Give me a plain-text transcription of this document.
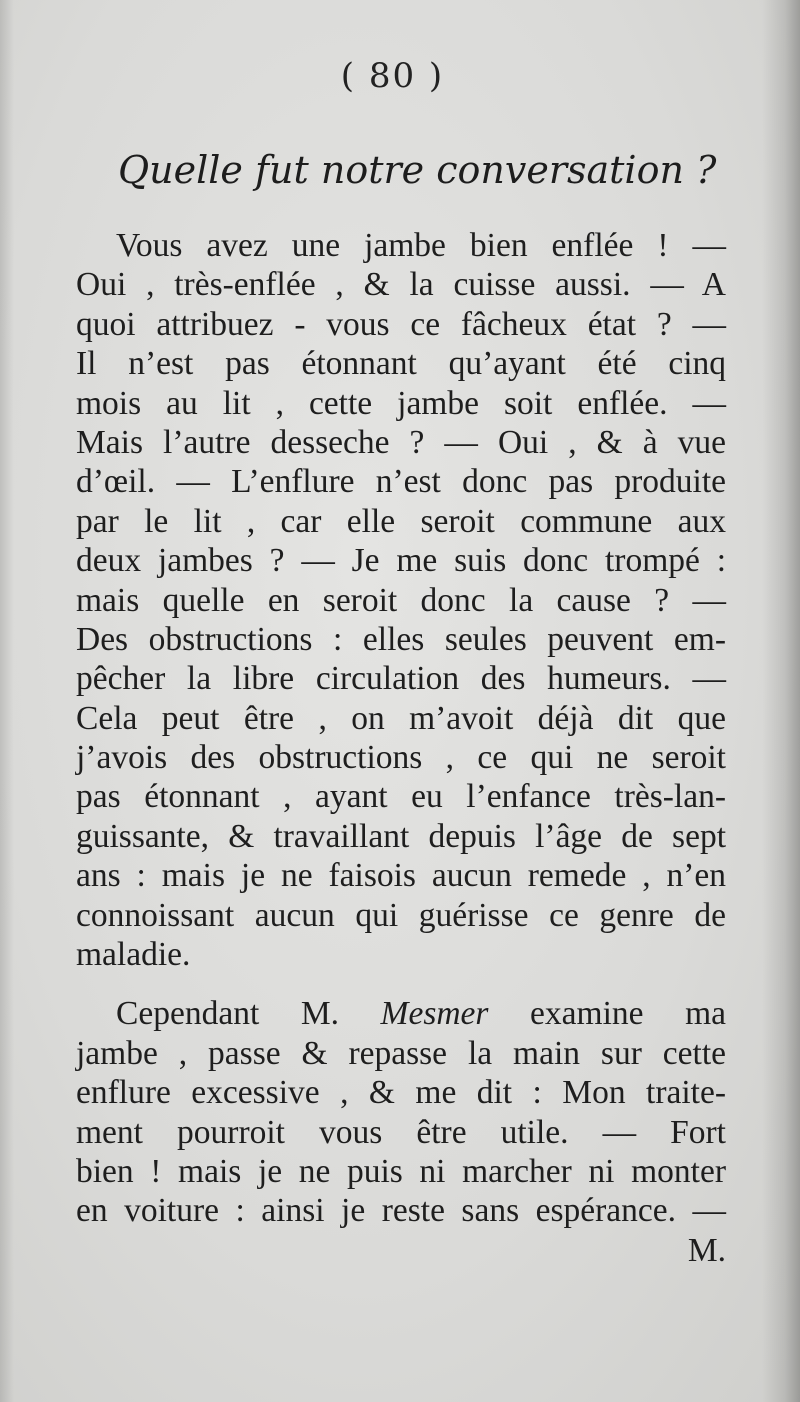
( 80 )
Quelle fut notre conversation ?
Vous avez une jambe bien enflée ! —
Oui , très-enflée , & la cuisse aussi. — A
quoi attribuez - vous ce fâcheux état ? —
Il n’est pas étonnant qu’ayant été cinq
mois au lit , cette jambe soit enflée. —
Mais l’autre desseche ? — Oui , & à vue
d’œil. — L’enflure n’est donc pas produite
par le lit , car elle seroit commune aux
deux jambes ? — Je me suis donc trompé :
mais quelle en seroit donc la cause ? —
Des obstructions : elles seules peuvent em-
pêcher la libre circulation des humeurs. —
Cela peut être , on m’avoit déjà dit que
j’avois des obstructions , ce qui ne seroit
pas étonnant , ayant eu l’enfance très-lan-
guissante, & travaillant depuis l’âge de sept
ans : mais je ne faisois aucun remede , n’en
connoissant aucun qui guérisse ce genre de
maladie.
Cependant M. Mesmer examine ma
jambe , passe & repasse la main sur cette
enflure excessive , & me dit : Mon traite-
ment pourroit vous être utile. — Fort
bien ! mais je ne puis ni marcher ni monter
en voiture : ainsi je reste sans espérance. —
M.
